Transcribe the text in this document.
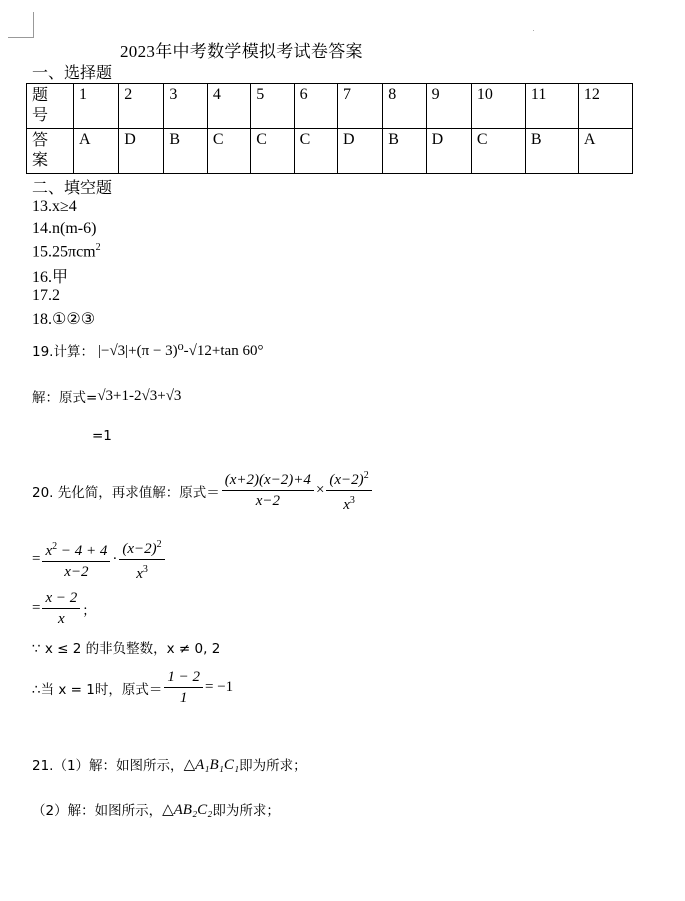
2023年中考数学模拟考试卷答案
一、选择题
题
号	1	2	3	4	5	6	7	8	9	10	11	12

答
案	A	D	B	C	C	C	D	B	D	C	B	A
二、填空题
13.x≥4
14.n(m-6)
15.25πcm$^2$
16.甲
17.2
18.①②③
19.计算： |−√3|+(π − 3)⁰-√12+tan 60°
解：原式= √3+1-2√3+√3
=1
20. 先化简，再求值解：原式＝ $\frac{(x+2)(x-2)+4}{x-2} \times \frac{(x-2)^2}{x^3}$
= $\frac{x^2 - 4 + 4}{x-2} \cdot \frac{(x-2)^2}{x^3}$
= $\frac{x - 2}{x}$ ；
∵ x ≤ 2 的非负整数，x ≠ 0, 2
∴当 x = 1时，原式＝ $\frac{1 - 2}{1} = -1$
21.（1）解：如图所示， △A₁B₁C₁ 即为所求；
（2）解：如图所示， △AB₂C₂ 即为所求；
